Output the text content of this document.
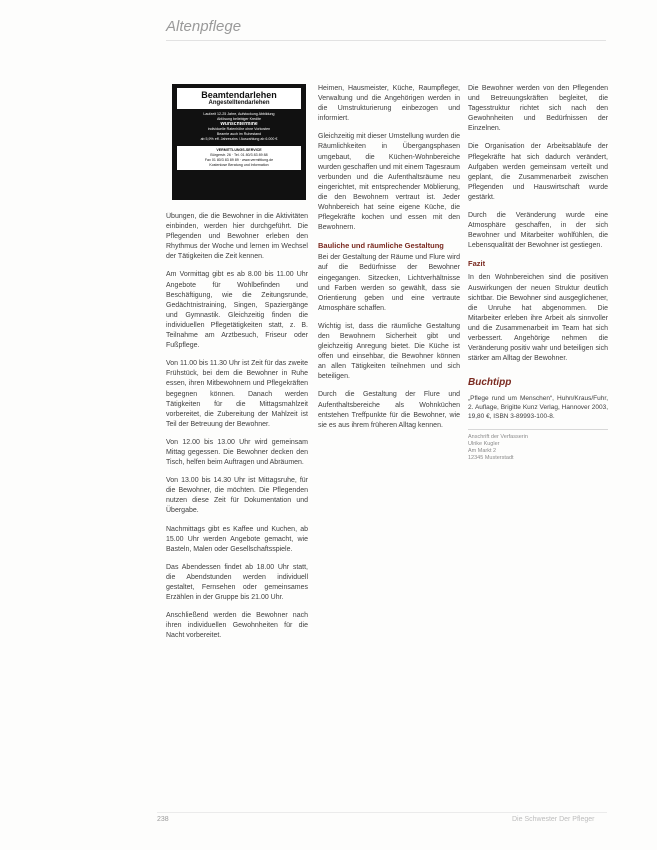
Altenpflege
Beamtendarlehen
Angestelltendarlehen
Laufzeit 12-25 Jahre, Aufstockung Abbildung
Ablösung beliebiger Kredite
Wunschtermine
individuelle Ratenhöhe ohne Vorkosten
Beamte auch im Ruhestand
ab 5,9% eff. Jahreszins / Auszahlung ab 6.000 €
VERMITTLUNGS-SERVICE
Bürgerstr. 26 · Tel. 01 80/3 83 89 88
Fax 01 80/3 83 89 89 · www.vermittlung.de
Kostenlose Beratung und Information

Übungen, die die Bewohner in die Aktivitäten einbinden, werden hier durchgeführt. Die Pflegenden und Bewohner erleben den Rhythmus der Woche und lernen im Wechsel der Tätigkeiten die Zeit kennen.

Am Vormittag gibt es ab 8.00 bis 11.00 Uhr Angebote für Wohlbefinden und Beschäftigung, wie die Zeitungsrunde, Gedächtnistraining, Singen, Spaziergänge und Gymnastik. Gleichzeitig finden die individuellen Pflegetätigkeiten statt, z. B. Teilnahme am Arztbesuch, Friseur oder Fußpflege.

Von 11.00 bis 11.30 Uhr ist Zeit für das zweite Frühstück, bei dem die Bewohner in Ruhe essen, ihren Mitbewohnern und Pflegekräften begegnen können. Danach werden Tätigkeiten für die Mittagsmahlzeit vorbereitet, die Zubereitung der Mahlzeit ist Teil der Betreuung der Bewohner.

Von 12.00 bis 13.00 Uhr wird gemeinsam Mittag gegessen. Die Bewohner decken den Tisch, helfen beim Auftragen und Abräumen.

Von 13.00 bis 14.30 Uhr ist Mittagsruhe, für die Bewohner, die möchten. Die Pflegenden nutzen diese Zeit für Dokumentation und Übergabe.

Nachmittags gibt es Kaffee und Kuchen, ab 15.00 Uhr werden Angebote gemacht, wie Basteln, Malen oder Gesellschaftsspiele.

Das Abendessen findet ab 18.00 Uhr statt, die Abendstunden werden individuell gestaltet, Fernsehen oder gemeinsames Erzählen in der Gruppe bis 21.00 Uhr.

Anschließend werden die Bewohner nach ihren individuellen Gewohnheiten für die Nacht vorbereitet.

Heimen, Hausmeister, Küche, Raumpfleger, Verwaltung und die Angehörigen werden in die Umstrukturierung einbezogen und informiert.

Gleichzeitig mit dieser Umstellung wurden die Räumlichkeiten in Übergangsphasen umgebaut, die Küchen-Wohnbereiche wurden geschaffen und mit einem Tagesraum verbunden und die Aufenthaltsräume neu eingerichtet, mit entsprechender Möblierung, die den Bewohnern vertraut ist. Jeder Wohnbereich hat seine eigene Küche, die Pflegekräfte kochen und essen mit den Bewohnern.

Bauliche und räumliche Gestaltung

Bei der Gestaltung der Räume und Flure wird auf die Bedürfnisse der Bewohner eingegangen. Sitzecken, Lichtverhältnisse und Farben werden so gewählt, dass sie Orientierung geben und eine vertraute Atmosphäre schaffen.

Wichtig ist, dass die räumliche Gestaltung den Bewohnern Sicherheit gibt und gleichzeitig Anregung bietet. Die Küche ist offen und einsehbar, die Bewohner können an allen Tätigkeiten teilnehmen und sich beteiligen.

Durch die Gestaltung der Flure und Aufenthaltsbereiche als Wohnküchen entstehen Treffpunkte für die Bewohner, wie sie es aus ihrem früheren Alltag kennen.

Die Bewohner werden von den Pflegenden und Betreuungskräften begleitet, die Tagesstruktur richtet sich nach den Gewohnheiten und Bedürfnissen der Einzelnen.

Die Organisation der Arbeitsabläufe der Pflegekräfte hat sich dadurch verändert, Aufgaben werden gemeinsam verteilt und geplant, die Zusammenarbeit zwischen Pflegenden und Hauswirtschaft wurde gestärkt.

Durch die Veränderung wurde eine Atmosphäre geschaffen, in der sich Bewohner und Mitarbeiter wohlfühlen, die Lebensqualität der Bewohner ist gestiegen.

Fazit

In den Wohnbereichen sind die positiven Auswirkungen der neuen Struktur deutlich sichtbar. Die Bewohner sind ausgeglichener, die Unruhe hat abgenommen. Die Mitarbeiter erleben ihre Arbeit als sinnvoller und die Zusammenarbeit im Team hat sich verbessert. Angehörige nehmen die Veränderung positiv wahr und beteiligen sich stärker am Alltag der Bewohner.

Buchtipp

„Pflege rund um Menschen“, Huhn/Kraus/Fuhr, 2. Auflage, Brigitte Kunz Verlag, Hannover 2003, 19,80 €, ISBN 3-89993-100-8.

Anschrift der Verfasserin
Ulrike Kugler
Am Markt 2
12345 Musterstadt
238	Die Schwester Der Pfleger
